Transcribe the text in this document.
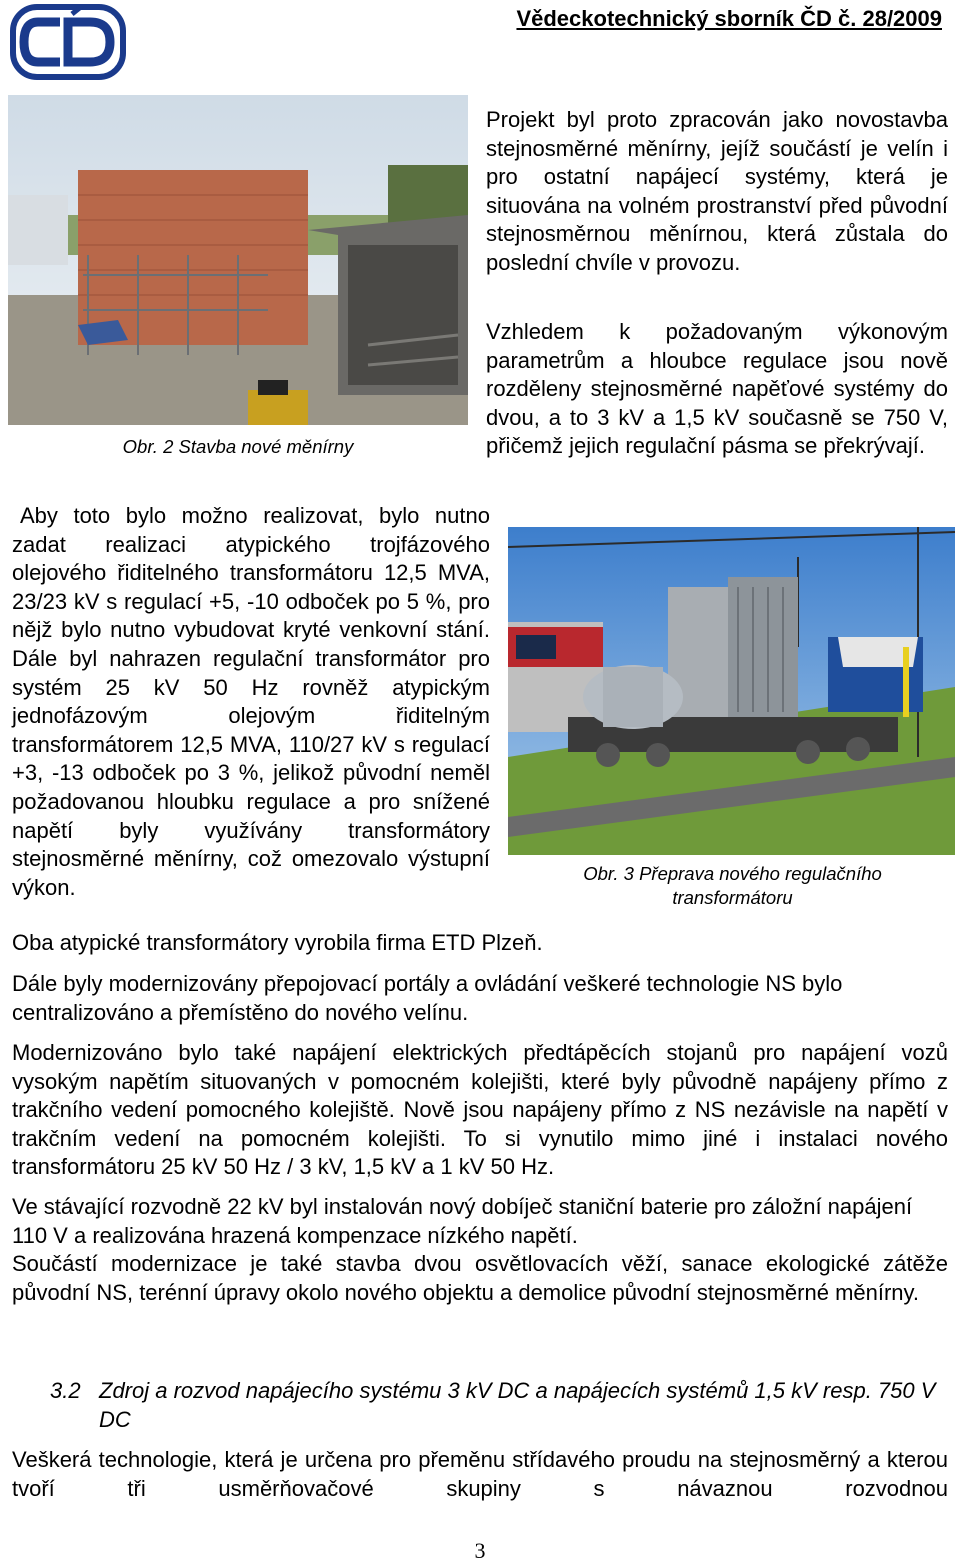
Vědeckotechnický sborník ČD č. 28/2009
Obr. 2 Stavba nové měnírny

Projekt byl proto zpracován jako novostavba stejnosměrné měnírny, jejíž součástí je velín i pro ostatní napájecí systémy, která je situována na volném prostranství před původní stejnosměrnou měnírnou, která zůstala do poslední chvíle v provozu.

Vzhledem k požadovaným výkonovým parametrům a hloubce regulace jsou nově rozděleny stejnosměrné napěťové systémy do dvou, a to 3 kV a 1,5 kV současně se 750 V, přičemž jejich regulační pásma se překrývají.

Aby toto bylo možno realizovat, bylo nutno zadat realizaci atypického trojfázového olejového řiditelného transformátoru 12,5 MVA, 23/23 kV s regulací +5, -10 odboček po 5 %, pro nějž bylo nutno vybudovat kryté venkovní stání. Dále byl nahrazen regulační transformátor pro systém 25 kV 50 Hz rovněž atypickým jednofázovým olejovým řiditelným transformátorem 12,5 MVA, 110/27 kV s regulací +3, -13 odboček po 3 %, jelikož původní neměl požadovanou hloubku regulace a pro snížené napětí byly využívány transformátory stejnosměrné měnírny, což omezovalo výstupní výkon.

Oba atypické transformátory vyrobila firma ETD Plzeň.

Obr. 3 Přeprava nového regulačního
transformátoru

Dále byly modernizovány přepojovací portály a ovládání veškeré technologie NS bylo centralizováno a přemístěno do nového velínu.

Modernizováno bylo také napájení elektrických předtápěcích stojanů pro napájení vozů vysokým napětím situovaných v pomocném kolejišti, které byly původně napájeny přímo z trakčního vedení pomocného kolejiště. Nově jsou napájeny přímo z NS nezávisle na napětí v trakčním vedení na pomocném kolejišti. To si vynutilo mimo jiné i instalaci nového transformátoru 25 kV 50 Hz / 3 kV, 1,5 kV a 1 kV 50 Hz.

Ve stávající rozvodně 22 kV byl instalován nový dobíječ staniční baterie pro záložní napájení 110 V a realizována hrazená kompenzace nízkého napětí.

Součástí modernizace je také stavba dvou osvětlovacích věží, sanace ekologické zátěže původní NS, terénní úpravy okolo nového objektu a demolice původní stejnosměrné měnírny.

3.2 Zdroj a rozvod napájecího systému 3 kV DC a napájecích systémů 1,5 kV resp. 750 V DC

Veškerá technologie, která je určena pro přeměnu střídavého proudu na stejnosměrný a kterou tvoří tři usměrňovačové skupiny s návaznou rozvodnou

3
